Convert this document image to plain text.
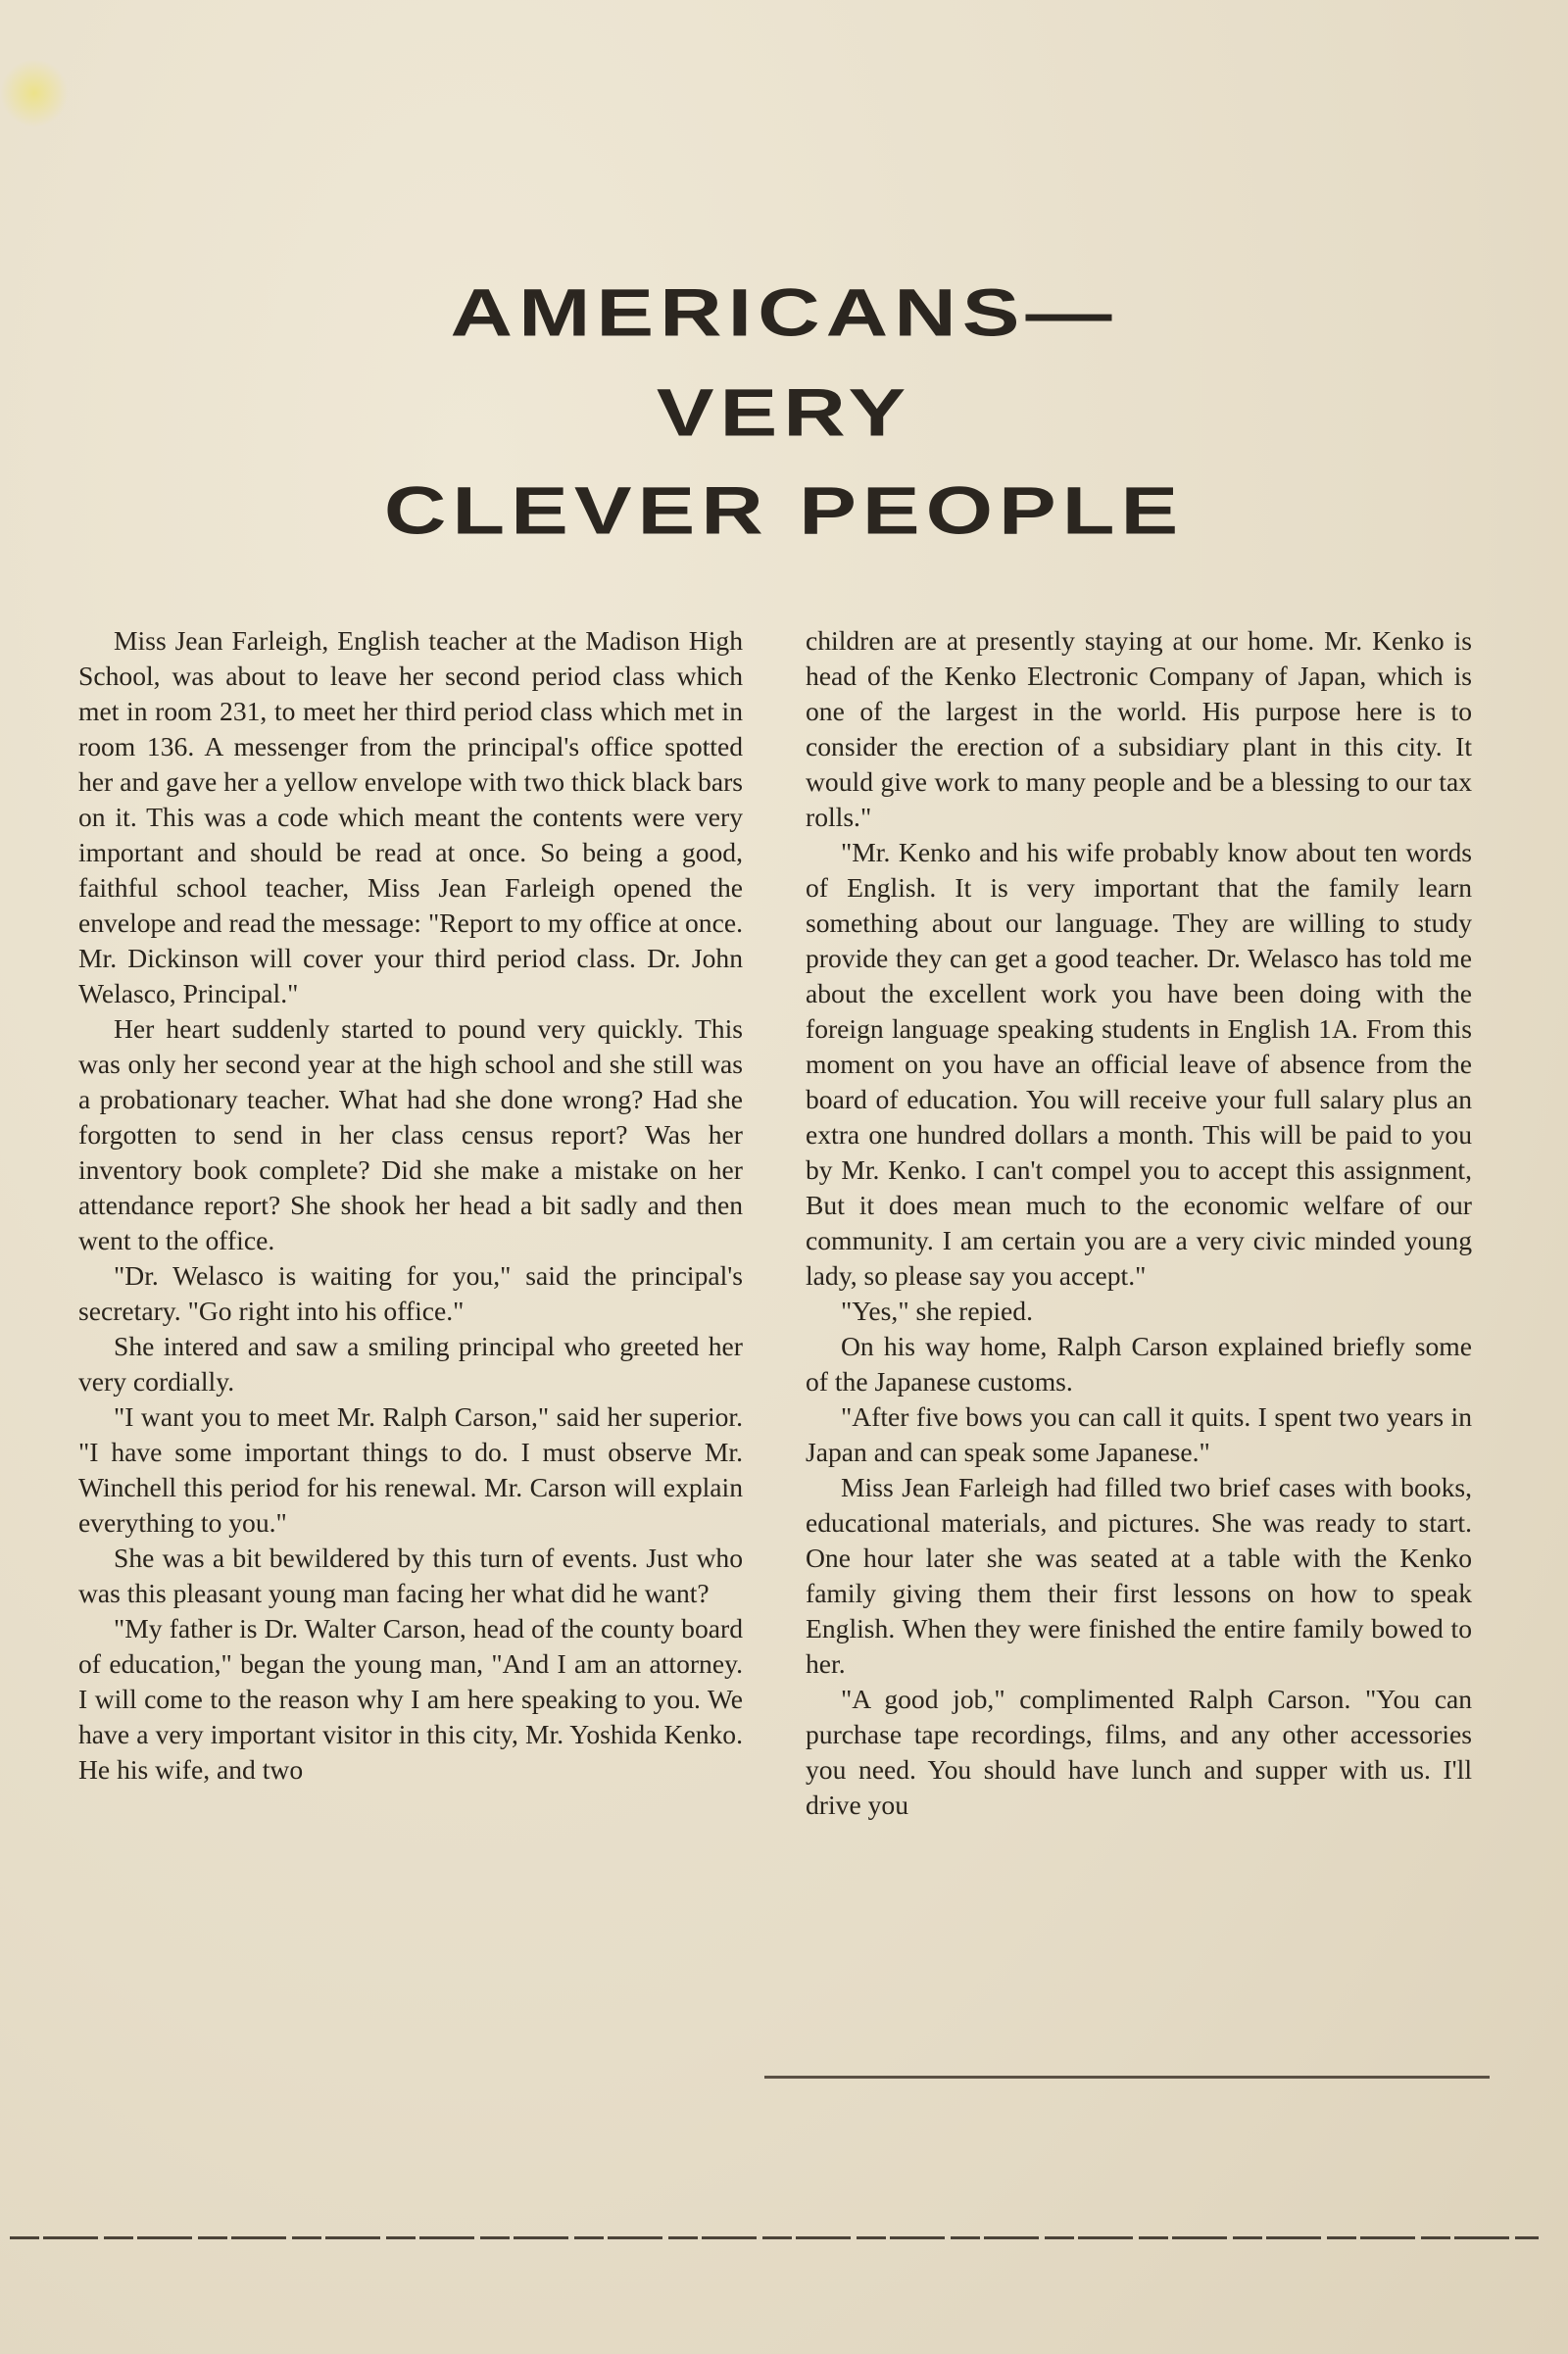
AMERICANS—
VERY
CLEVER PEOPLE

Miss Jean Farleigh, English teacher at the Madison High School, was about to leave her second period class which met in room 231, to meet her third period class which met in room 136. A messenger from the principal's office spotted her and gave her a yellow envelope with two thick black bars on it. This was a code which meant the contents were very important and should be read at once. So being a good, faithful school teacher, Miss Jean Farleigh opened the envelope and read the message: "Report to my office at once. Mr. Dickinson will cover your third period class. Dr. John Welasco, Principal."

Her heart suddenly started to pound very quickly. This was only her second year at the high school and she still was a probationary teacher. What had she done wrong? Had she forgotten to send in her class census report? Was her inventory book complete? Did she make a mistake on her attendance report? She shook her head a bit sadly and then went to the office.

"Dr. Welasco is waiting for you," said the principal's secretary. "Go right into his office."

She intered and saw a smiling principal who greeted her very cordially.

"I want you to meet Mr. Ralph Carson," said her superior. "I have some important things to do. I must observe Mr. Winchell this period for his renewal. Mr. Carson will explain everything to you."

She was a bit bewildered by this turn of events. Just who was this pleasant young man facing her what did he want?

"My father is Dr. Walter Carson, head of the county board of education," began the young man, "And I am an attorney. I will come to the reason why I am here speaking to you. We have a very important visitor in this city, Mr. Yoshida Kenko. He his wife, and two

children are at presently staying at our home. Mr. Kenko is head of the Kenko Electronic Company of Japan, which is one of the largest in the world. His purpose here is to consider the erection of a subsidiary plant in this city. It would give work to many people and be a blessing to our tax rolls."

"Mr. Kenko and his wife probably know about ten words of English. It is very important that the family learn something about our language. They are willing to study provide they can get a good teacher. Dr. Welasco has told me about the excellent work you have been doing with the foreign language speaking students in English 1A. From this moment on you have an official leave of absence from the board of education. You will receive your full salary plus an extra one hundred dollars a month. This will be paid to you by Mr. Kenko. I can't compel you to accept this assignment, But it does mean much to the economic welfare of our community. I am certain you are a very civic minded young lady, so please say you accept."

"Yes," she repied.

On his way home, Ralph Carson explained briefly some of the Japanese customs.

"After five bows you can call it quits. I spent two years in Japan and can speak some Japanese."

Miss Jean Farleigh had filled two brief cases with books, educational materials, and pictures. She was ready to start. One hour later she was seated at a table with the Kenko family giving them their first lessons on how to speak English. When they were finished the entire family bowed to her.

"A good job," complimented Ralph Carson. "You can purchase tape recordings, films, and any other accessories you need. You should have lunch and supper with us. I'll drive you
